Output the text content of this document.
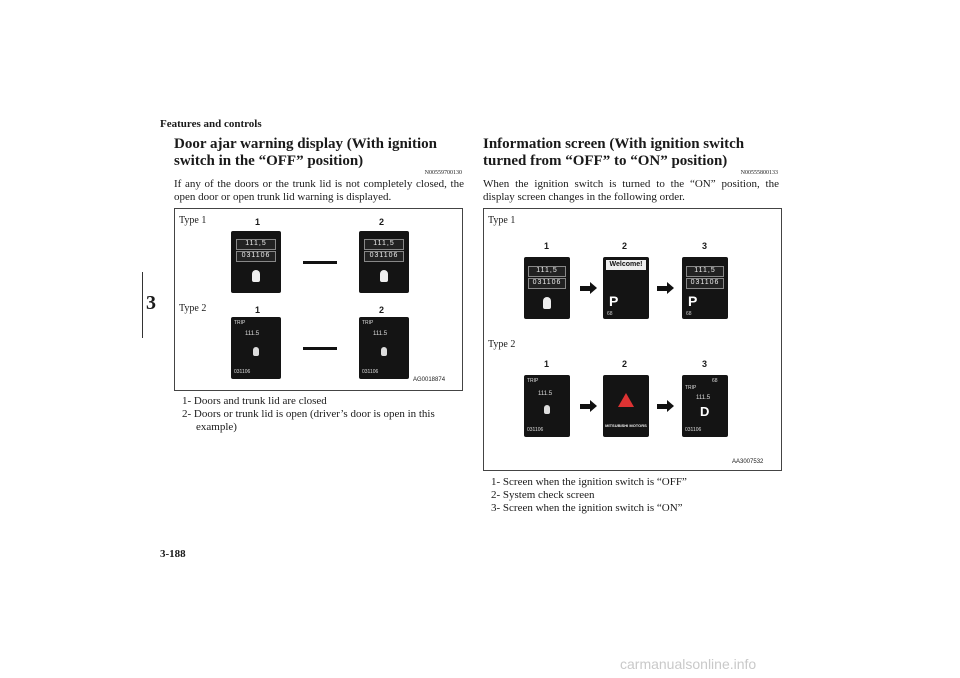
Features and controls
3
Door ajar warning display (With ignition switch in the “OFF” position)
N00559700130
If any of the doors or the trunk lid is not completely closed, the open door or open trunk lid warning is displayed.
Type 1
Type 2
1	2
1	2
111,5
031106
111,5
031106
TRIP
111.5
031106
TRIP
111.5
031106
AG0018874
1- Doors and trunk lid are closed
2- Doors or trunk lid is open (driver’s door is open in this example)
Information screen (With ignition switch turned from “OFF” to “ON” position)
N00555800133
When the ignition switch is turned to the “ON” position, the display screen changes in the following order.
Type 1
Type 2
1	2	3
1	2	3
111,5
031106
Welcome!
P
68
111,5
031106
P
68
TRIP
111.5
031106
MITSUBISHI MOTORS
68
TRIP
111.5
D
031106
AA3007532
1- Screen when the ignition switch is “OFF”
2- System check screen
3- Screen when the ignition switch is “ON”
3-188
carmanualsonline.info
